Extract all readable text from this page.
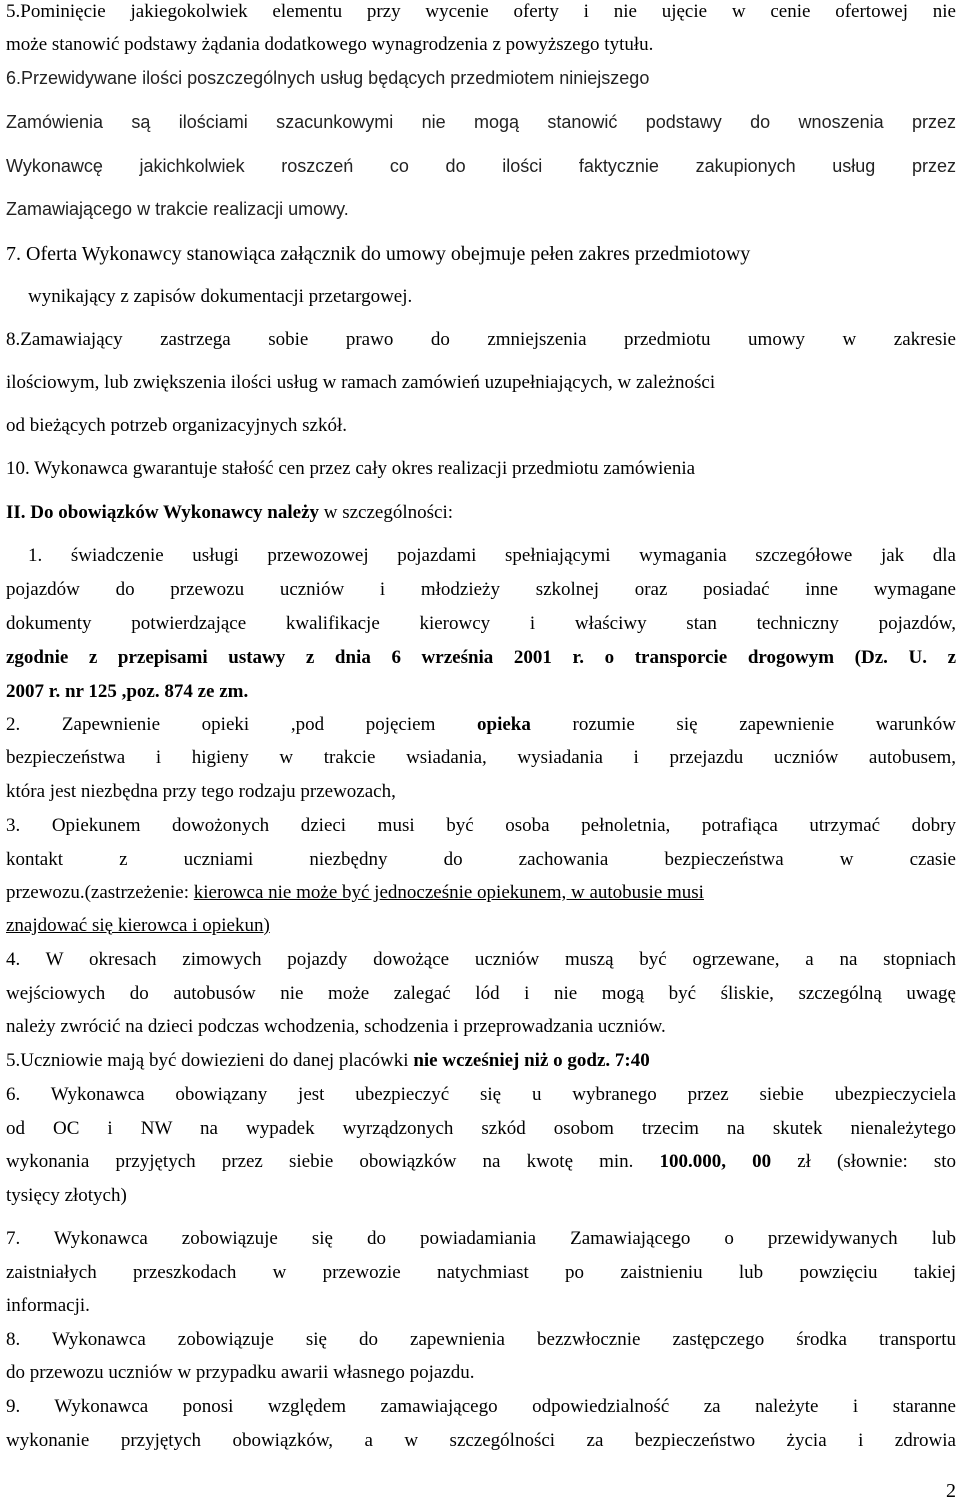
5.Pominięcie jakiegokolwiek elementu przy wycenie oferty i nie ujęcie w cenie ofertowej nie
może stanowić podstawy żądania dodatkowego wynagrodzenia z powyższego tytułu.
6.Przewidywane ilości poszczególnych usług będących przedmiotem niniejszego
Zamówienia są ilościami szacunkowymi nie mogą stanowić podstawy do wnoszenia przez
Wykonawcę jakichkolwiek roszczeń co do ilości faktycznie zakupionych usług przez
Zamawiającego w trakcie realizacji umowy.
7. Oferta Wykonawcy stanowiąca załącznik do umowy obejmuje pełen zakres przedmiotowy
wynikający z zapisów dokumentacji przetargowej.
8.Zamawiający zastrzega sobie prawo do zmniejszenia przedmiotu umowy w zakresie
ilościowym, lub zwiększenia ilości usług w ramach zamówień uzupełniających, w zależności
od bieżących potrzeb organizacyjnych szkół.
10. Wykonawca gwarantuje stałość cen przez cały okres realizacji przedmiotu zamówienia
II. Do obowiązków Wykonawcy należy w szczególności:
1. świadczenie usługi przewozowej pojazdami spełniającymi wymagania szczegółowe jak dla
pojazdów do przewozu uczniów i młodzieży szkolnej oraz posiadać inne wymagane
dokumenty potwierdzające kwalifikacje kierowcy i właściwy stan techniczny pojazdów,
zgodnie z przepisami ustawy z dnia 6 września 2001 r. o transporcie drogowym (Dz. U. z
2007 r. nr 125 ,poz. 874 ze zm.
2. Zapewnienie opieki ,pod pojęciem opieka rozumie się zapewnienie warunków
bezpieczeństwa i higieny w trakcie wsiadania, wysiadania i przejazdu uczniów autobusem,
która jest niezbędna przy tego rodzaju przewozach,
3. Opiekunem dowożonych dzieci musi być osoba pełnoletnia, potrafiąca utrzymać dobry
kontakt z uczniami niezbędny do zachowania bezpieczeństwa w czasie
przewozu.(zastrzeżenie: kierowca nie może być jednocześnie opiekunem, w autobusie musi
znajdować się kierowca i opiekun)
4. W okresach zimowych pojazdy dowożące uczniów muszą być ogrzewane, a na stopniach
wejściowych do autobusów nie może zalegać lód i nie mogą być śliskie, szczególną uwagę
należy zwrócić na dzieci podczas wchodzenia, schodzenia i przeprowadzania uczniów.
5.Uczniowie mają być dowiezieni do danej placówki nie wcześniej niż o godz. 7:40
6. Wykonawca obowiązany jest ubezpieczyć się u wybranego przez siebie ubezpieczyciela
od OC i NW na wypadek wyrządzonych szkód osobom trzecim na skutek nienależytego
wykonania przyjętych przez siebie obowiązków na kwotę min. 100.000, 00 zł (słownie: sto
tysięcy złotych)
7. Wykonawca zobowiązuje się do powiadamiania Zamawiającego o przewidywanych lub
zaistniałych przeszkodach w przewozie natychmiast po zaistnieniu lub powzięciu takiej
informacji.
8. Wykonawca zobowiązuje się do zapewnienia bezzwłocznie zastępczego środka transportu
do przewozu uczniów w przypadku awarii własnego pojazdu.
9. Wykonawca ponosi względem zamawiającego odpowiedzialność za należyte i staranne
wykonanie przyjętych obowiązków, a w szczególności za bezpieczeństwo życia i zdrowia
2
